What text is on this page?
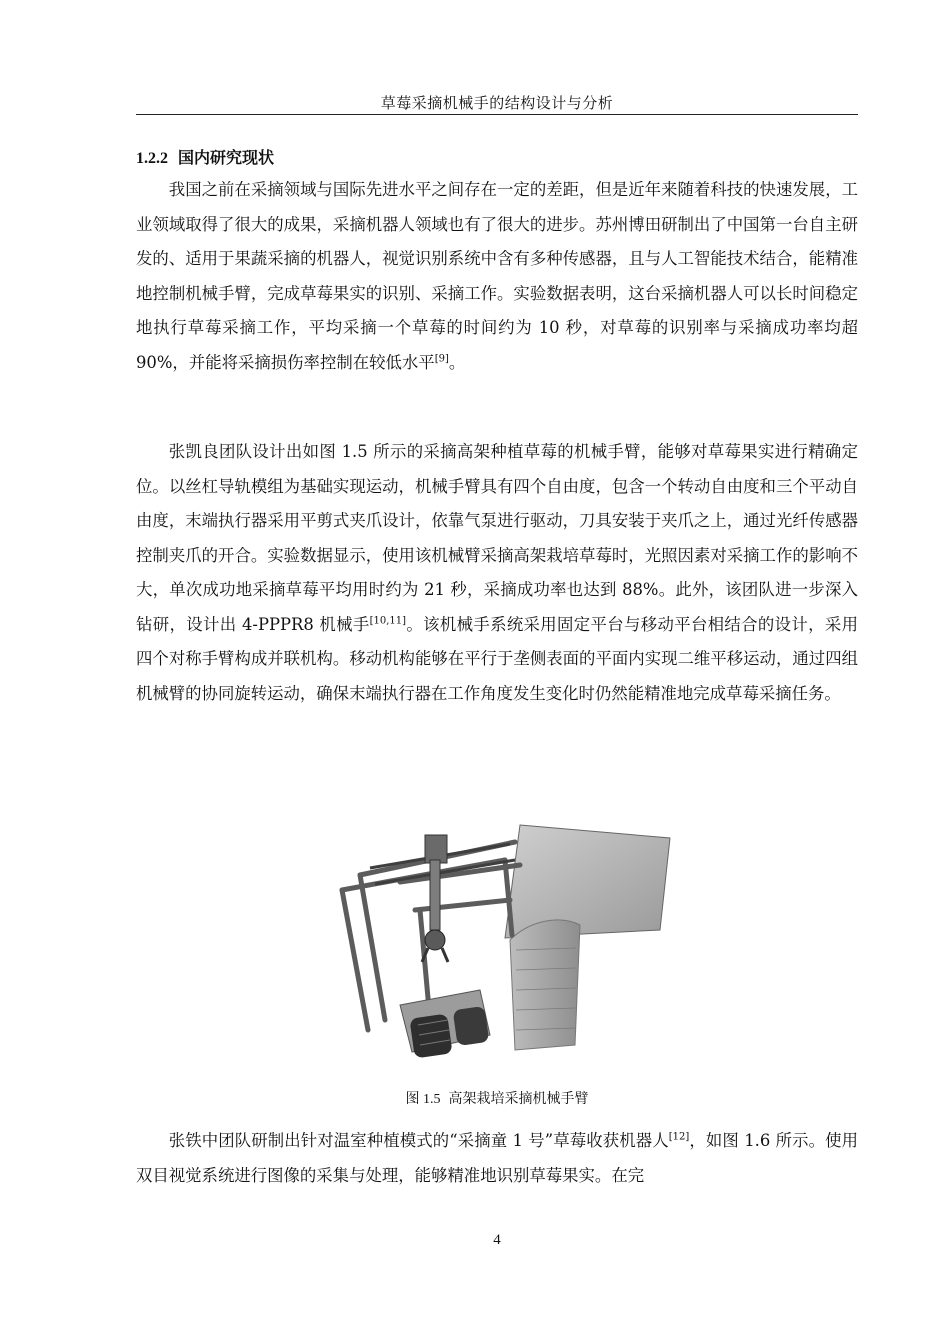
草莓采摘机械手的结构设计与分析
1.2.2 国内研究现状

我国之前在采摘领域与国际先进水平之间存在一定的差距，但是近年来随着科技的快速发展，工业领域取得了很大的成果，采摘机器人领域也有了很大的进步。苏州博田研制出了中国第一台自主研发的、适用于果蔬采摘的机器人，视觉识别系统中含有多种传感器，且与人工智能技术结合，能精准地控制机械手臂，完成草莓果实的识别、采摘工作。实验数据表明，这台采摘机器人可以长时间稳定地执行草莓采摘工作，平均采摘一个草莓的时间约为 10 秒，对草莓的识别率与采摘成功率均超 90%，并能将采摘损伤率控制在较低水平[9]。

张凯良团队设计出如图 1.5 所示的采摘高架种植草莓的机械手臂，能够对草莓果实进行精确定位。以丝杠导轨模组为基础实现运动，机械手臂具有四个自由度，包含一个转动自由度和三个平动自由度，末端执行器采用平剪式夹爪设计，依靠气泵进行驱动，刀具安装于夹爪之上，通过光纤传感器控制夹爪的开合。实验数据显示，使用该机械臂采摘高架栽培草莓时，光照因素对采摘工作的影响不大，单次成功地采摘草莓平均用时约为 21 秒，采摘成功率也达到 88%。此外，该团队进一步深入钻研，设计出 4-PPPR8 机械手[10,11]。该机械手系统采用固定平台与移动平台相结合的设计，采用四个对称手臂构成并联机构。移动机构能够在平行于垄侧表面的平面内实现二维平移运动，通过四组机械臂的协同旋转运动，确保末端执行器在工作角度发生变化时仍然能精准地完成草莓采摘任务。

图 1.5 高架栽培采摘机械手臂

张铁中团队研制出针对温室种植模式的“采摘童 1 号”草莓收获机器人[12]，如图 1.6 所示。使用双目视觉系统进行图像的采集与处理，能够精准地识别草莓果实。在完

4
